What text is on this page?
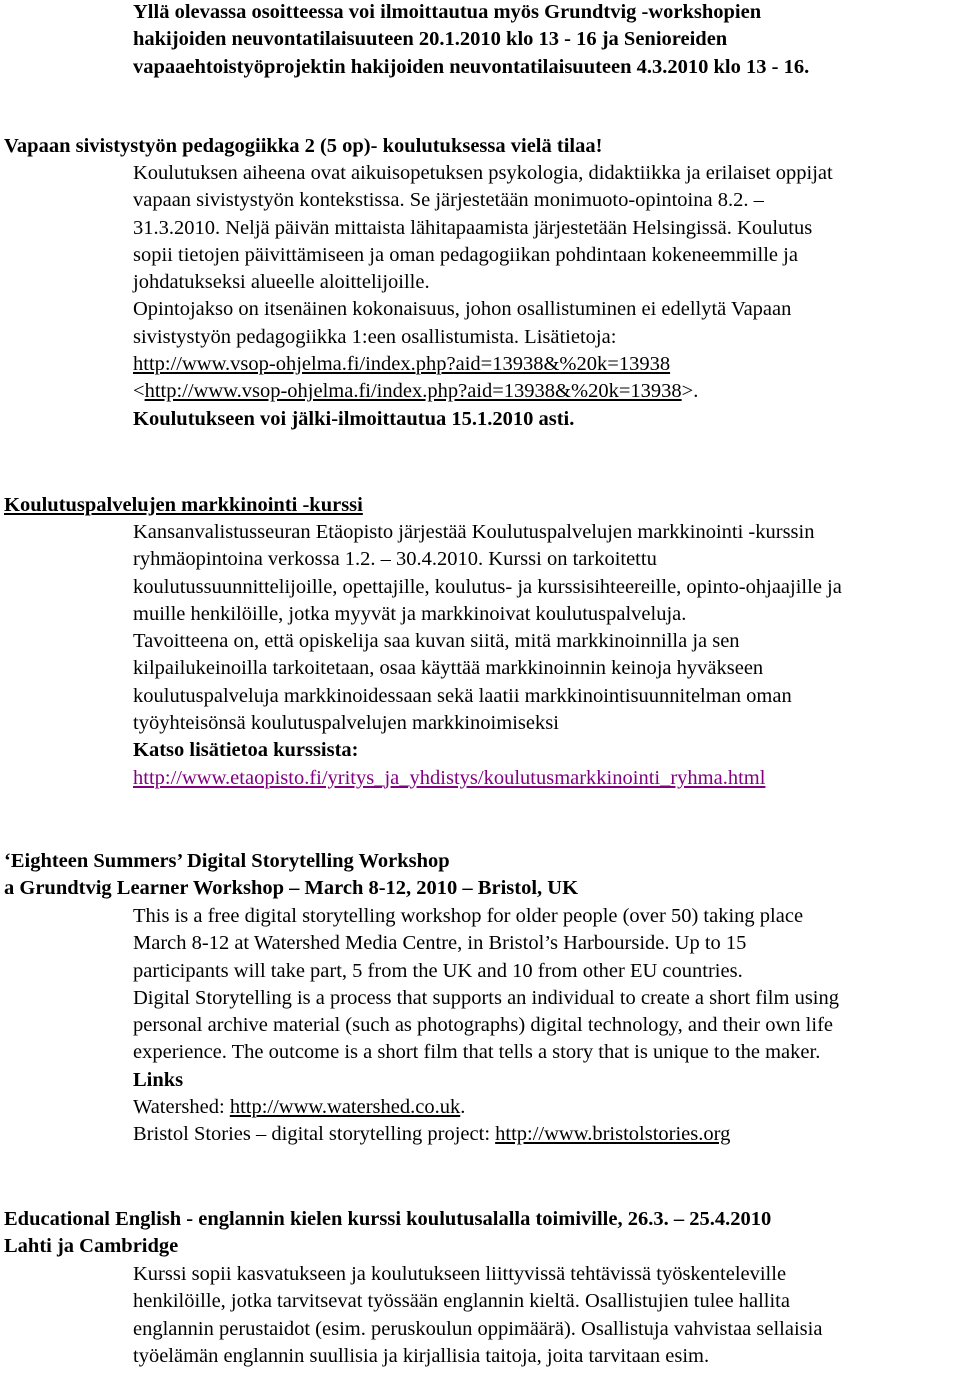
Yllä olevassa osoitteessa voi ilmoittautua myös Grundtvig -workshopien
hakijoiden neuvontatilaisuuteen 20.1.2010 klo 13 - 16 ja Senioreiden
vapaaehtoistyöprojektin hakijoiden neuvontatilaisuuteen 4.3.2010 klo 13 - 16.
Vapaan sivistystyön pedagogiikka 2 (5 op)- koulutuksessa vielä tilaa!
Koulutuksen aiheena ovat aikuisopetuksen psykologia, didaktiikka ja erilaiset oppijat
vapaan sivistystyön kontekstissa. Se järjestetään monimuoto-opintoina 8.2. –
31.3.2010. Neljä päivän mittaista lähitapaamista järjestetään Helsingissä. Koulutus
sopii tietojen päivittämiseen ja oman pedagogiikan pohdintaan kokeneemmille ja
johdatukseksi alueelle aloittelijoille.
Opintojakso on itsenäinen kokonaisuus, johon osallistuminen ei edellytä Vapaan
sivistystyön pedagogiikka 1:een osallistumista. Lisätietoja:
http://www.vsop-ohjelma.fi/index.php?aid=13938&%20k=13938
<http://www.vsop-ohjelma.fi/index.php?aid=13938&%20k=13938>.
Koulutukseen voi jälki-ilmoittautua 15.1.2010 asti.
Koulutuspalvelujen markkinointi -kurssi
Kansanvalistusseuran Etäopisto järjestää Koulutuspalvelujen markkinointi -kurssin
ryhmäopintoina verkossa 1.2. – 30.4.2010. Kurssi on tarkoitettu
koulutussuunnittelijoille, opettajille, koulutus- ja kurssisihteereille, opinto-ohjaajille ja
muille henkilöille, jotka myyvät ja markkinoivat koulutuspalveluja.
Tavoitteena on, että opiskelija saa kuvan siitä, mitä markkinoinnilla ja sen
kilpailukeinoilla tarkoitetaan, osaa käyttää markkinoinnin keinoja hyväkseen
koulutuspalveluja markkinoidessaan sekä laatii markkinointisuunnitelman oman
työyhteisönsä koulutuspalvelujen markkinoimiseksi
Katso lisätietoa kurssista:
http://www.etaopisto.fi/yritys_ja_yhdistys/koulutusmarkkinointi_ryhma.html
‘Eighteen Summers’ Digital Storytelling Workshop
a Grundtvig Learner Workshop – March 8-12, 2010 – Bristol, UK
This is a free digital storytelling workshop for older people (over 50) taking place
March 8-12 at Watershed Media Centre, in Bristol’s Harbourside. Up to 15
participants will take part, 5 from the UK and 10 from other EU countries.
Digital Storytelling is a process that supports an individual to create a short film using
personal archive material (such as photographs) digital technology, and their own life
experience. The outcome is a short film that tells a story that is unique to the maker.
Links
Watershed: http://www.watershed.co.uk.
Bristol Stories – digital storytelling project: http://www.bristolstories.org
Educational English - englannin kielen kurssi koulutusalalla toimiville, 26.3. – 25.4.2010
Lahti ja Cambridge
Kurssi sopii kasvatukseen ja koulutukseen liittyvissä tehtävissä työskenteleville
henkilöille, jotka tarvitsevat työssään englannin kieltä. Osallistujien tulee hallita
englannin perustaidot (esim. peruskoulun oppimäärä). Osallistuja vahvistaa sellaisia
työelämän englannin suullisia ja kirjallisia taitoja, joita tarvitaan esim.
